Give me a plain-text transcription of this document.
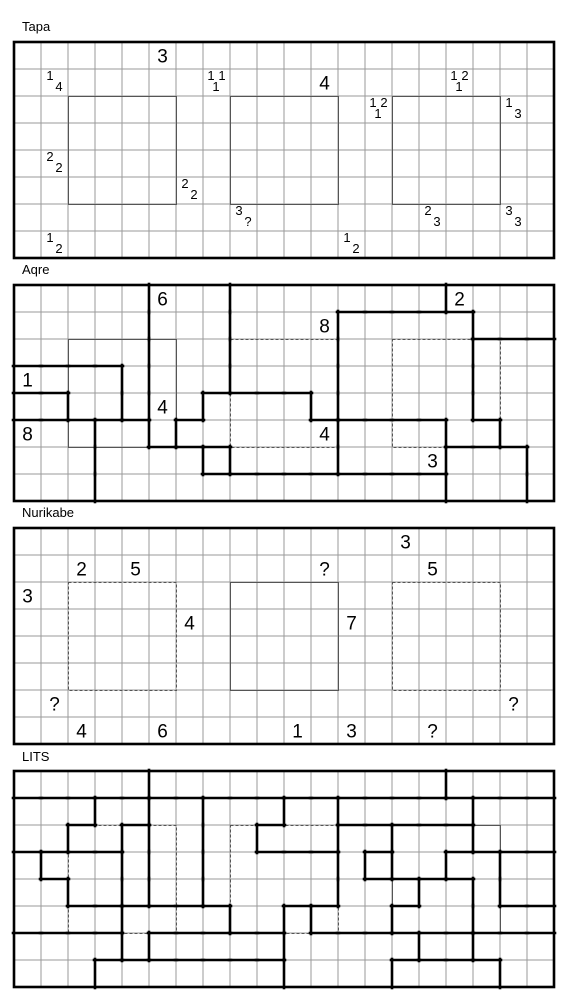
Tapa
3
4
1
4
1 1
1
1 2
1
1 2
1
1
3
2
2
2
2
3
?
2
3
3
3
1
2
1
2
Aqre
6	2
8
1
4
8	4
3
Nurikabe
3
2 5	?	5
3
4	7
?	?
4	6	1 3	?
LITS
